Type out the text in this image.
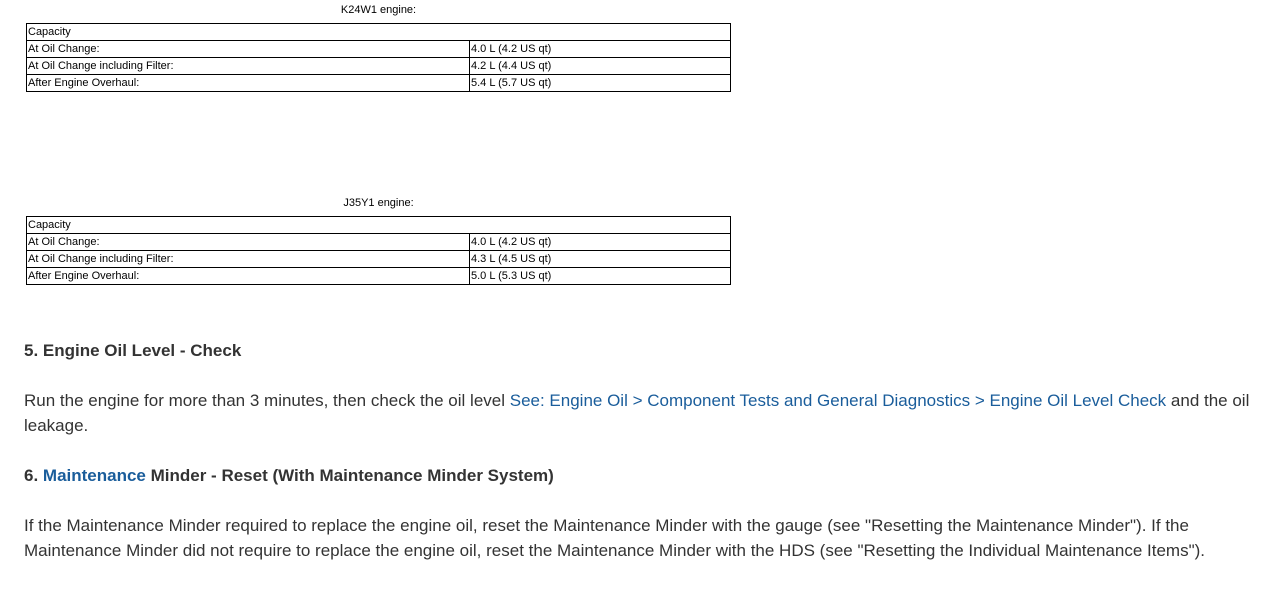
K24W1 engine:
Capacity	
At Oil Change:	4.0 L (4.2 US qt)
At Oil Change including Filter:	4.2 L (4.4 US qt)
After Engine Overhaul:	5.4 L (5.7 US qt)
J35Y1 engine:
Capacity	
At Oil Change:	4.0 L (4.2 US qt)
At Oil Change including Filter:	4.3 L (4.5 US qt)
After Engine Overhaul:	5.0 L (5.3 US qt)
5. Engine Oil Level - Check

Run the engine for more than 3 minutes, then check the oil level See: Engine Oil > Component Tests and General Diagnostics > Engine Oil Level Check and the oil leakage.

6. Maintenance Minder - Reset (With Maintenance Minder System)

If the Maintenance Minder required to replace the engine oil, reset the Maintenance Minder with the gauge (see "Resetting the Maintenance Minder"). If the Maintenance Minder did not require to replace the engine oil, reset the Maintenance Minder with the HDS (see "Resetting the Individual Maintenance Items").
